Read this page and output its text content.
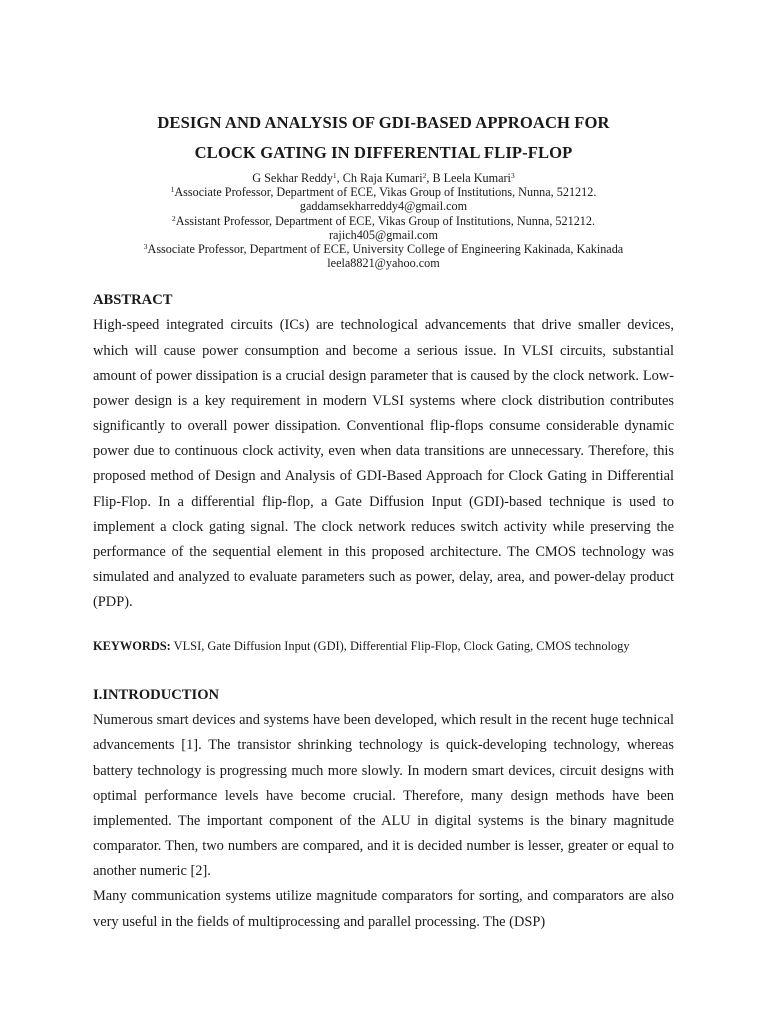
DESIGN AND ANALYSIS OF GDI-BASED APPROACH FOR
CLOCK GATING IN DIFFERENTIAL FLIP-FLOP
G Sekhar Reddy$^1$, Ch Raja Kumari$^2$, B Leela Kumari$^3$
$^1$Associate Professor, Department of ECE, Vikas Group of Institutions, Nunna, 521212.
gaddamsekharreddy4@gmail.com
$^2$Assistant Professor, Department of ECE, Vikas Group of Institutions, Nunna, 521212.
rajich405@gmail.com
$^3$Associate Professor, Department of ECE, University College of Engineering Kakinada, Kakinada
leela8821@yahoo.com
ABSTRACT

High-speed integrated circuits (ICs) are technological advancements that drive smaller devices, which will cause power consumption and become a serious issue. In VLSI circuits, substantial amount of power dissipation is a crucial design parameter that is caused by the clock network. Low-power design is a key requirement in modern VLSI systems where clock distribution contributes significantly to overall power dissipation. Conventional flip-flops consume considerable dynamic power due to continuous clock activity, even when data transitions are unnecessary. Therefore, this proposed method of Design and Analysis of GDI-Based Approach for Clock Gating in Differential Flip-Flop. In a differential flip-flop, a Gate Diffusion Input (GDI)-based technique is used to implement a clock gating signal. The clock network reduces switch activity while preserving the performance of the sequential element in this proposed architecture. The CMOS technology was simulated and analyzed to evaluate parameters such as power, delay, area, and power-delay product (PDP).

KEYWORDS: VLSI, Gate Diffusion Input (GDI), Differential Flip-Flop, Clock Gating, CMOS technology
I.INTRODUCTION

Numerous smart devices and systems have been developed, which result in the recent huge technical advancements [1]. The transistor shrinking technology is quick-developing technology, whereas battery technology is progressing much more slowly. In modern smart devices, circuit designs with optimal performance levels have become crucial. Therefore, many design methods have been implemented. The important component of the ALU in digital systems is the binary magnitude comparator. Then, two numbers are compared, and it is decided number is lesser, greater or equal to another numeric [2].

Many communication systems utilize magnitude comparators for sorting, and comparators are also very useful in the fields of multiprocessing and parallel processing. The (DSP)
